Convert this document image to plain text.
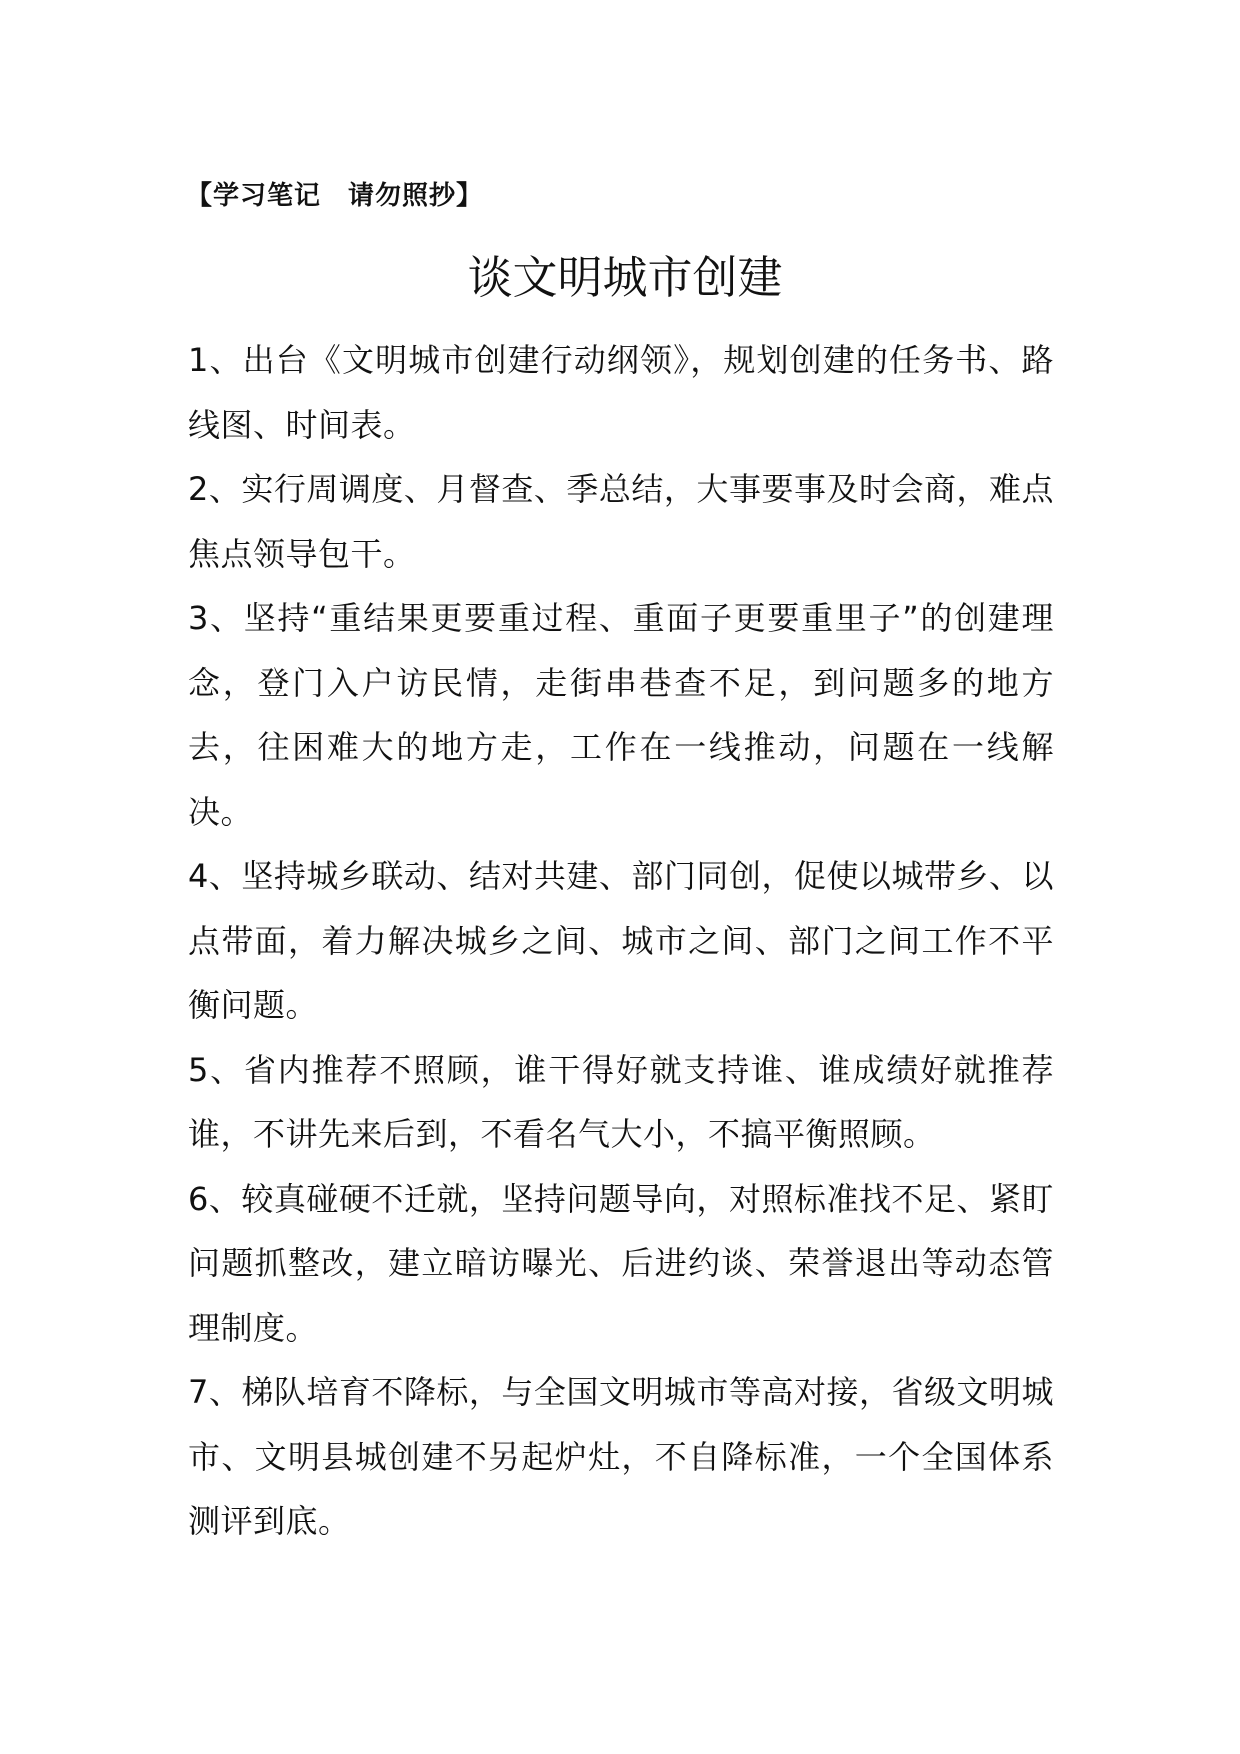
【学习笔记　请勿照抄】
谈文明城市创建

1、出台《文明城市创建行动纲领》，规划创建的任务书、路线图、时间表。

2、实行周调度、月督查、季总结，大事要事及时会商，难点焦点领导包干。

3、坚持“重结果更要重过程、重面子更要重里子”的创建理念，登门入户访民情，走街串巷查不足，到问题多的地方去，往困难大的地方走，工作在一线推动，问题在一线解决。

4、坚持城乡联动、结对共建、部门同创，促使以城带乡、以点带面，着力解决城乡之间、城市之间、部门之间工作不平衡问题。

5、省内推荐不照顾，谁干得好就支持谁、谁成绩好就推荐谁，不讲先来后到，不看名气大小，不搞平衡照顾。

6、较真碰硬不迁就，坚持问题导向，对照标准找不足、紧盯问题抓整改，建立暗访曝光、后进约谈、荣誉退出等动态管理制度。

7、梯队培育不降标，与全国文明城市等高对接，省级文明城市、文明县城创建不另起炉灶，不自降标准，一个全国体系测评到底。
